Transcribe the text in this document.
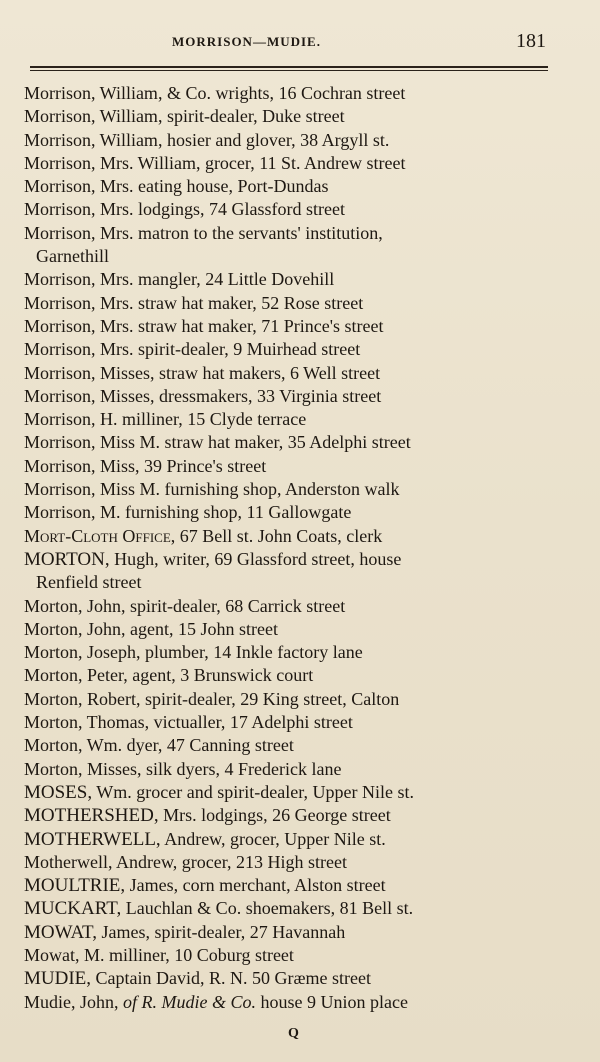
MORRISON—MUDIE.	181
Morrison, William, & Co. wrights, 16 Cochran street
Morrison, William, spirit-dealer, Duke street
Morrison, William, hosier and glover, 38 Argyll st.
Morrison, Mrs. William, grocer, 11 St. Andrew street
Morrison, Mrs. eating house, Port-Dundas
Morrison, Mrs. lodgings, 74 Glassford street
Morrison, Mrs. matron to the servants' institution,
Garnethill
Morrison, Mrs. mangler, 24 Little Dovehill
Morrison, Mrs. straw hat maker, 52 Rose street
Morrison, Mrs. straw hat maker, 71 Prince's street
Morrison, Mrs. spirit-dealer, 9 Muirhead street
Morrison, Misses, straw hat makers, 6 Well street
Morrison, Misses, dressmakers, 33 Virginia street
Morrison, H. milliner, 15 Clyde terrace
Morrison, Miss M. straw hat maker, 35 Adelphi street
Morrison, Miss, 39 Prince's street
Morrison, Miss M. furnishing shop, Anderston walk
Morrison, M. furnishing shop, 11 Gallowgate
Mort-Cloth Office, 67 Bell st. John Coats, clerk
MORTON, Hugh, writer, 69 Glassford street, house
Renfield street
Morton, John, spirit-dealer, 68 Carrick street
Morton, John, agent, 15 John street
Morton, Joseph, plumber, 14 Inkle factory lane
Morton, Peter, agent, 3 Brunswick court
Morton, Robert, spirit-dealer, 29 King street, Calton
Morton, Thomas, victualler, 17 Adelphi street
Morton, Wm. dyer, 47 Canning street
Morton, Misses, silk dyers, 4 Frederick lane
MOSES, Wm. grocer and spirit-dealer, Upper Nile st.
MOTHERSHED, Mrs. lodgings, 26 George street
MOTHERWELL, Andrew, grocer, Upper Nile st.
Motherwell, Andrew, grocer, 213 High street
MOULTRIE, James, corn merchant, Alston street
MUCKART, Lauchlan & Co. shoemakers, 81 Bell st.
MOWAT, James, spirit-dealer, 27 Havannah
Mowat, M. milliner, 10 Coburg street
MUDIE, Captain David, R. N. 50 Græme street
Mudie, John, of R. Mudie & Co. house 9 Union place
Q
